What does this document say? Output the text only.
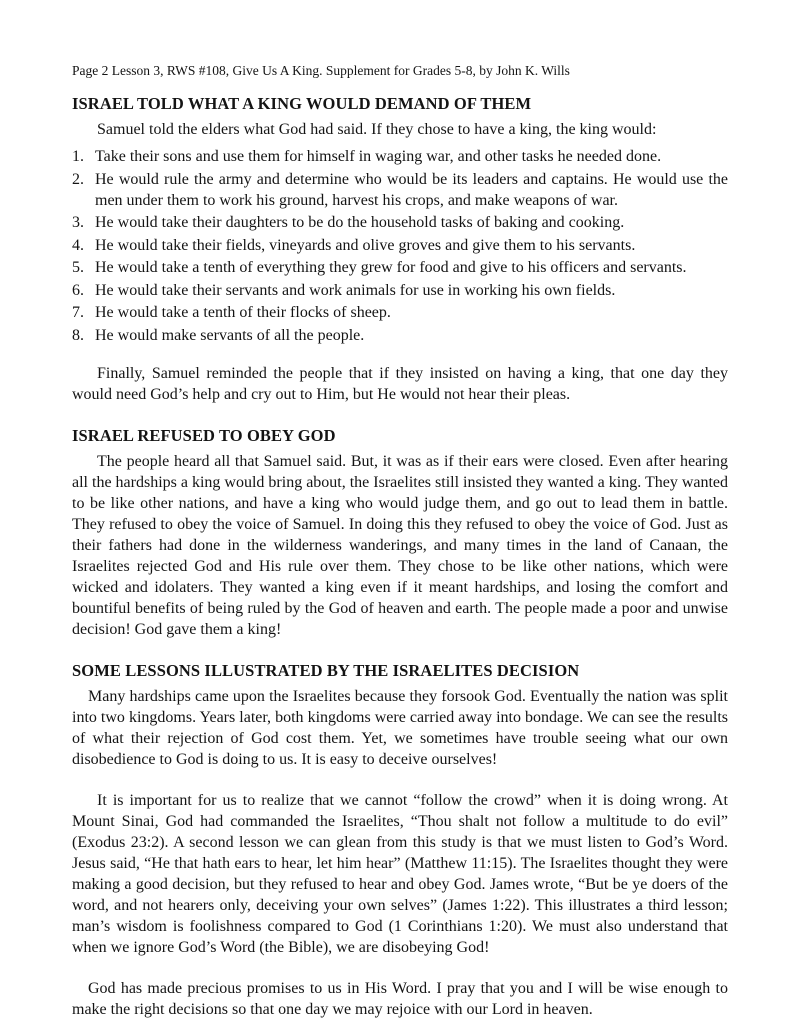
Page 2 Lesson 3, RWS #108, Give Us A King. Supplement for Grades 5-8, by John K. Wills
ISRAEL TOLD WHAT A KING WOULD DEMAND OF THEM

Samuel told the elders what God had said. If they chose to have a king, the king would:

1. Take their sons and use them for himself in waging war, and other tasks he needed done.
2. He would rule the army and determine who would be its leaders and captains. He would use the men under them to work his ground, harvest his crops, and make weapons of war.
3. He would take their daughters to be do the household tasks of baking and cooking.
4. He would take their fields, vineyards and olive groves and give them to his servants.
5. He would take a tenth of everything they grew for food and give to his officers and servants.
6. He would take their servants and work animals for use in working his own fields.
7. He would take a tenth of their flocks of sheep.
8. He would make servants of all the people.

Finally, Samuel reminded the people that if they insisted on having a king, that one day they would need God’s help and cry out to Him, but He would not hear their pleas.

ISRAEL REFUSED TO OBEY GOD

The people heard all that Samuel said. But, it was as if their ears were closed. Even after hearing all the hardships a king would bring about, the Israelites still insisted they wanted a king. They wanted to be like other nations, and have a king who would judge them, and go out to lead them in battle. They refused to obey the voice of Samuel. In doing this they refused to obey the voice of God. Just as their fathers had done in the wilderness wanderings, and many times in the land of Canaan, the Israelites rejected God and His rule over them. They chose to be like other nations, which were wicked and idolaters. They wanted a king even if it meant hardships, and losing the comfort and bountiful benefits of being ruled by the God of heaven and earth. The people made a poor and unwise decision! God gave them a king!

SOME LESSONS ILLUSTRATED BY THE ISRAELITES DECISION

Many hardships came upon the Israelites because they forsook God. Eventually the nation was split into two kingdoms. Years later, both kingdoms were carried away into bondage. We can see the results of what their rejection of God cost them. Yet, we sometimes have trouble seeing what our own disobedience to God is doing to us. It is easy to deceive ourselves!

It is important for us to realize that we cannot “follow the crowd” when it is doing wrong. At Mount Sinai, God had commanded the Israelites, “Thou shalt not follow a multitude to do evil” (Exodus 23:2). A second lesson we can glean from this study is that we must listen to God’s Word. Jesus said, “He that hath ears to hear, let him hear” (Matthew 11:15). The Israelites thought they were making a good decision, but they refused to hear and obey God. James wrote, “But be ye doers of the word, and not hearers only, deceiving your own selves” (James 1:22). This illustrates a third lesson; man’s wisdom is foolishness compared to God (1 Corinthians 1:20). We must also understand that when we ignore God’s Word (the Bible), we are disobeying God!

God has made precious promises to us in His Word. I pray that you and I will be wise enough to make the right decisions so that one day we may rejoice with our Lord in heaven.
